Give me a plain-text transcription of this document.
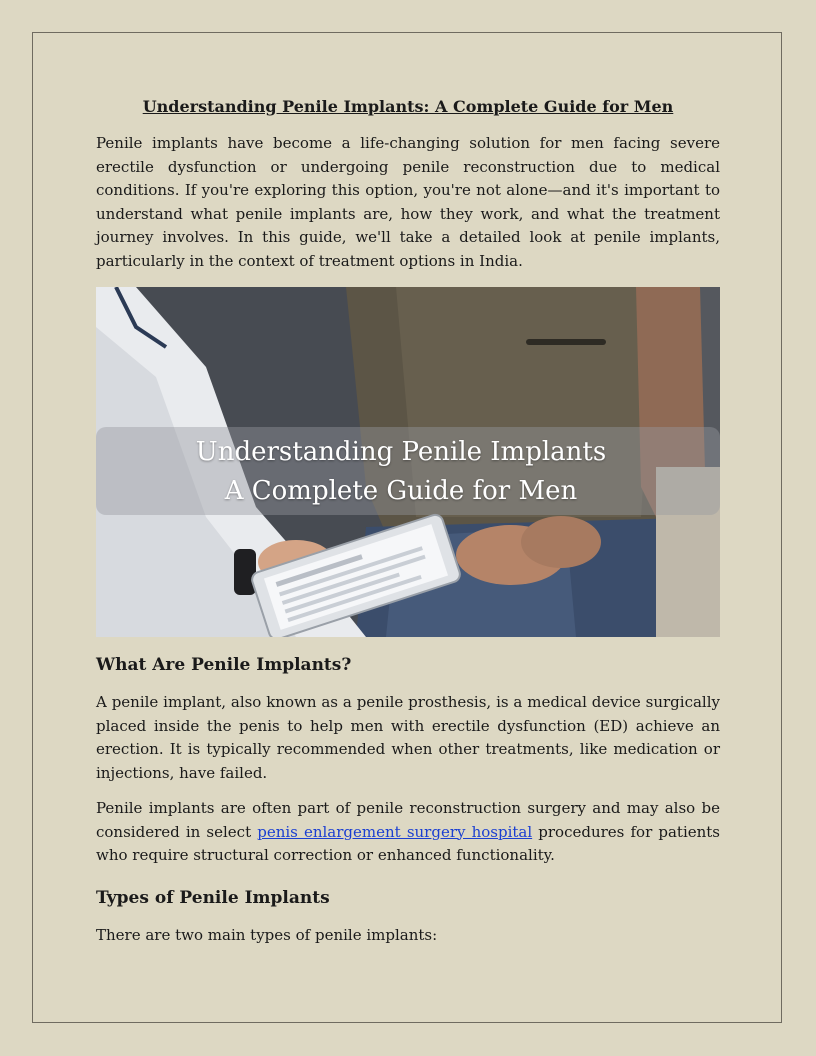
Understanding Penile Implants: A Complete Guide for Men

Penile implants have become a life-changing solution for men facing severe erectile dysfunction or undergoing penile reconstruction due to medical conditions. If you're exploring this option, you're not alone—and it's important to understand what penile implants are, how they work, and what the treatment journey involves. In this guide, we'll take a detailed look at penile implants, particularly in the context of treatment options in India.

Understanding Penile Implants
A Complete Guide for Men
What Are Penile Implants?

A penile implant, also known as a penile prosthesis, is a medical device surgically placed inside the penis to help men with erectile dysfunction (ED) achieve an erection. It is typically recommended when other treatments, like medication or injections, have failed.

Penile implants are often part of penile reconstruction surgery and may also be considered in select penis enlargement surgery hospital procedures for patients who require structural correction or enhanced functionality.

Types of Penile Implants

There are two main types of penile implants:
